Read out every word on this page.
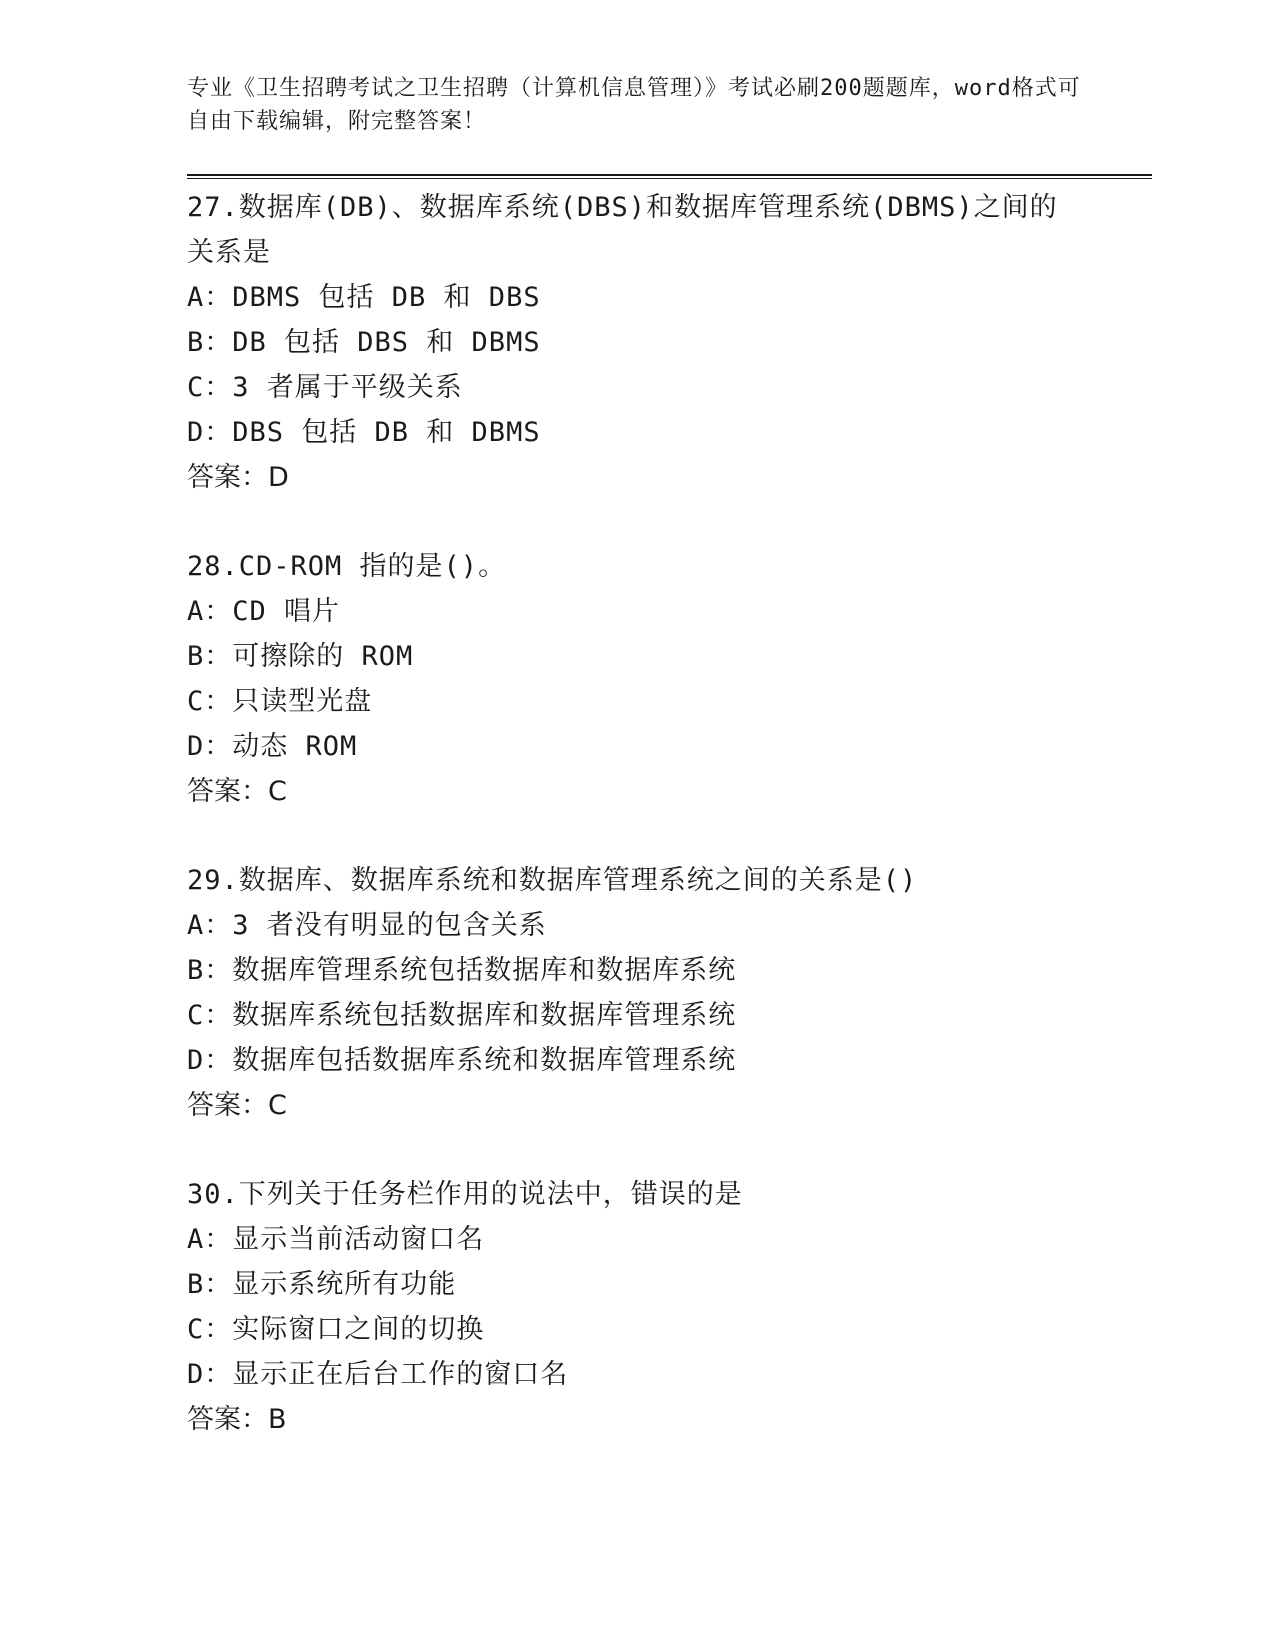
专业《卫生招聘考试之卫生招聘（计算机信息管理）》考试必刷200题题库，word格式可自由下载编辑，附完整答案！
27.数据库(DB)、数据库系统(DBS)和数据库管理系统(DBMS)之间的关系是
A：DBMS 包括 DB 和 DBS
B：DB 包括 DBS 和 DBMS
C：3 者属于平级关系
D：DBS 包括 DB 和 DBMS
答案：D
28.CD-ROM 指的是()。
A：CD 唱片
B：可擦除的 ROM
C：只读型光盘
D：动态 ROM
答案：C
29.数据库、数据库系统和数据库管理系统之间的关系是()
A：3 者没有明显的包含关系
B：数据库管理系统包括数据库和数据库系统
C：数据库系统包括数据库和数据库管理系统
D：数据库包括数据库系统和数据库管理系统
答案：C
30.下列关于任务栏作用的说法中，错误的是
A：显示当前活动窗口名
B：显示系统所有功能
C：实际窗口之间的切换
D：显示正在后台工作的窗口名
答案：B
